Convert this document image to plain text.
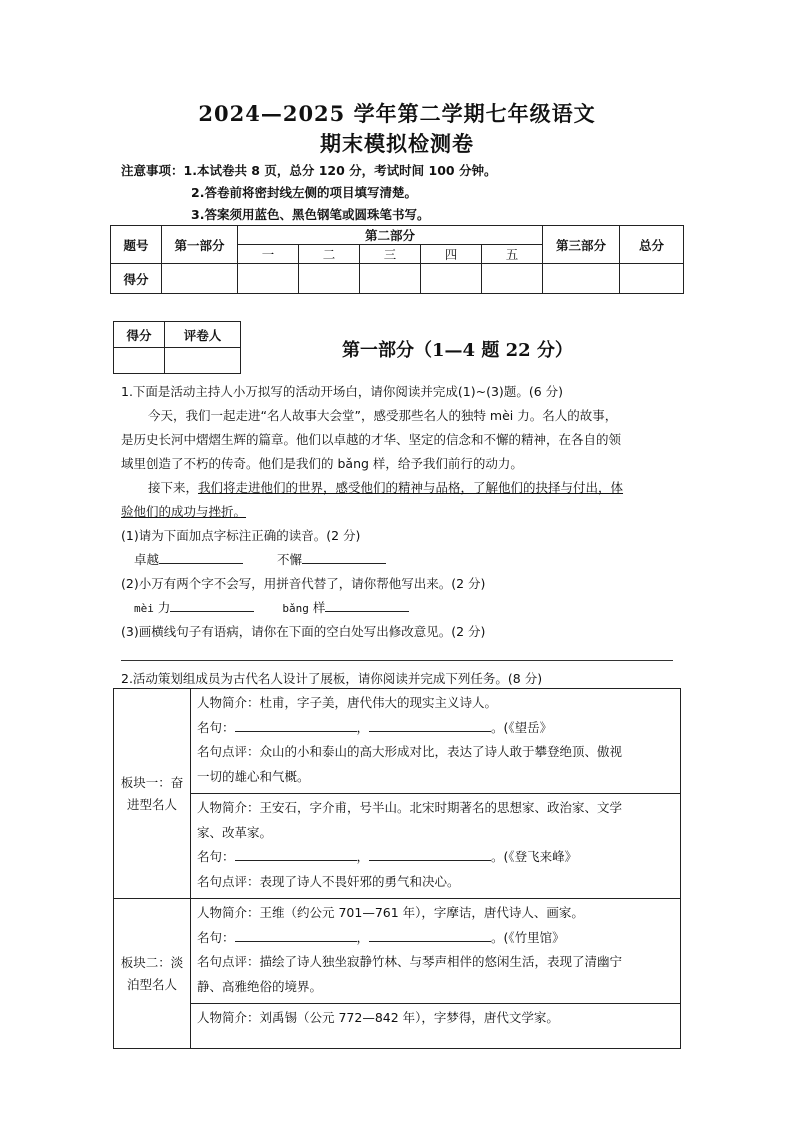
2024—2025 学年第二学期七年级语文
期末模拟检测卷
注意事项：1.本试卷共 8 页，总分 120 分，考试时间 100 分钟。
2.答卷前将密封线左侧的项目填写清楚。
3.答案须用蓝色、黑色钢笔或圆珠笔书写。
题号	第一部分	第二部分					第三部分	总分
		一	二	三	四	五		
得分								
得分	评卷人

第一部分（1—4 题 22 分）
1.下面是活动主持人小万拟写的活动开场白，请你阅读并完成(1)~(3)题。(6 分)
今天，我们一起走进“名人故事大会堂”，感受那些名人的独特 mèi 力。名人的故事，
是历史长河中熠熠生辉的篇章。他们以卓越的才华、坚定的信念和不懈的精神，在各自的领
域里创造了不朽的传奇。他们是我们的 bǎng 样，给予我们前行的动力。
接下来，我们将走进他们的世界，感受他们的精神与品格，了解他们的抉择与付出，体
验他们的成功与挫折。
(1)请为下面加点字标注正确的读音。(2 分)
卓越	不懈
(2)小万有两个字不会写，用拼音代替了，请你帮他写出来。(2 分)
mèi 力	bǎng 样
(3)画横线句子有语病，请你在下面的空白处写出修改意见。(2 分)
2.活动策划组成员为古代名人设计了展板，请你阅读并完成下列任务。(8 分)
板块一：奋进型名人	人物简介：杜甫，字子美，唐代伟大的现实主义诗人。
名句： ， 。(《望岳》
名句点评：众山的小和泰山的高大形成对比，表达了诗人敢于攀登绝顶、傲视
一切的雄心和气概。

	人物简介：王安石，字介甫，号半山。北宋时期著名的思想家、政治家、文学
家、改革家。
名句： ， 。(《登飞来峰》
名句点评：表现了诗人不畏奸邪的勇气和决心。

板块二：淡泊型名人	人物简介：王维（约公元 701—761 年），字摩诘，唐代诗人、画家。
名句： ， 。(《竹里馆》
名句点评：描绘了诗人独坐寂静竹林、与琴声相伴的悠闲生活，表现了清幽宁
静、高雅绝俗的境界。

	人物简介：刘禹锡（公元 772—842 年），字梦得，唐代文学家。
